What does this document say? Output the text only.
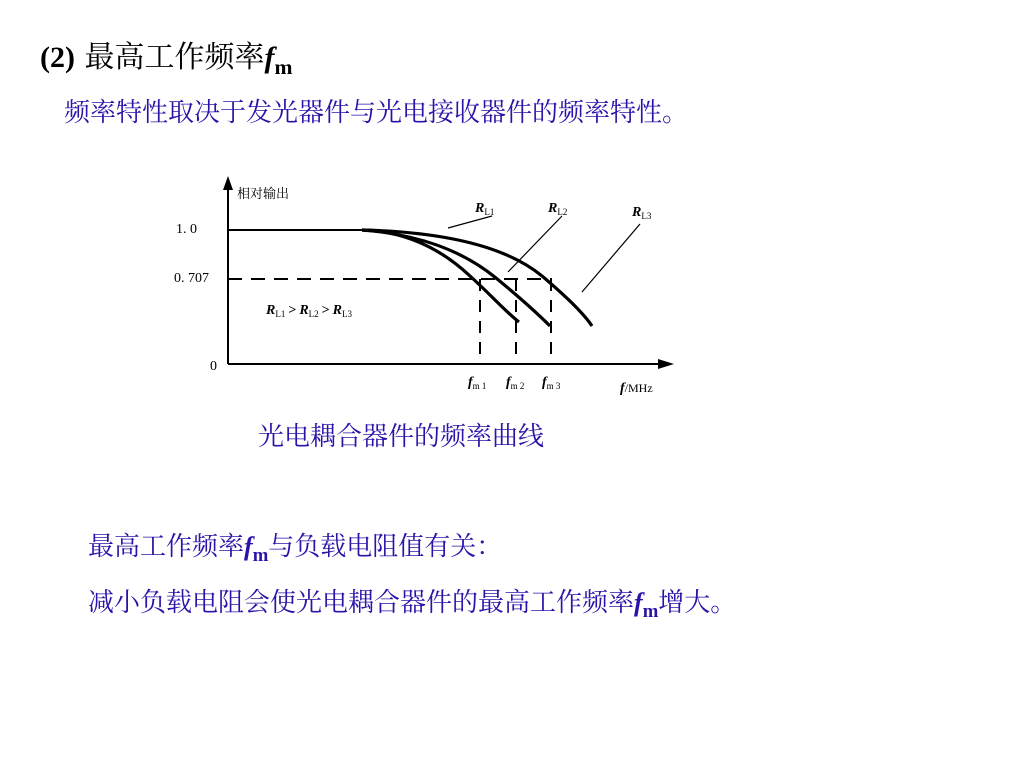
(2) 最高工作频率$f_m$
频率特性取决于发光器件与光电接收器件的频率特性。
相对输出
1. 0
0. 707
0
$R_{L1}$	$R_{L2}$	$R_{L3}$
$R_{L1} > R_{L2} > R_{L3}$
$f_{m 1}$ $f_{m 2}$ $f_{m 3}$	f/MHz
光电耦合器件的频率曲线
最高工作频率$f_m$与负载电阻值有关：
减小负载电阻会使光电耦合器件的最高工作频率$f_m$增大。
